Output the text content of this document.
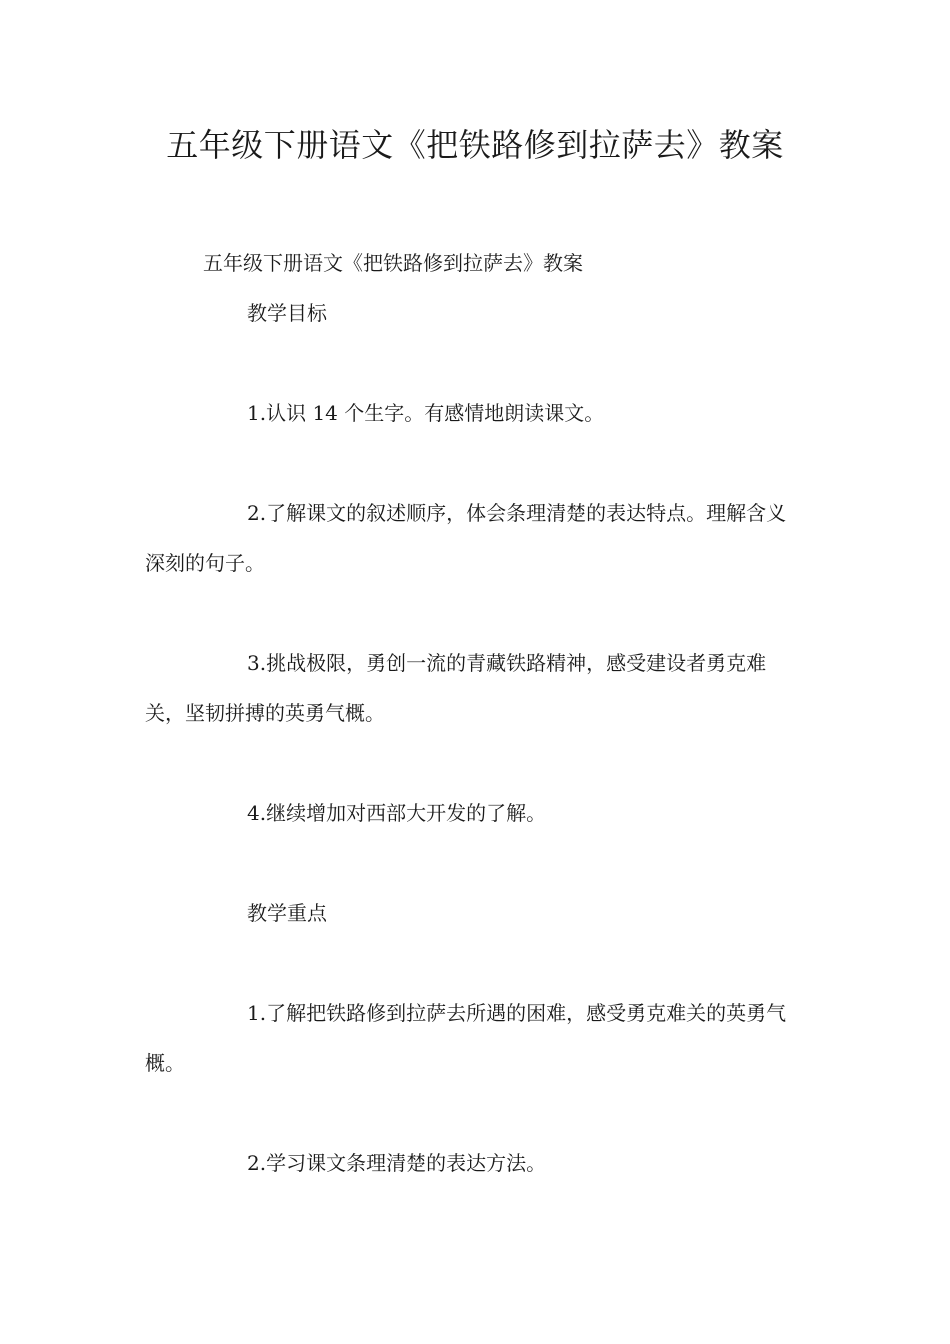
五年级下册语文《把铁路修到拉萨去》教案

五年级下册语文《把铁路修到拉萨去》教案

教学目标

1.认识 14 个生字。有感情地朗读课文。

2.了解课文的叙述顺序，体会条理清楚的表达特点。理解含义深刻的句子。

3.挑战极限，勇创一流的青藏铁路精神，感受建设者勇克难关，坚韧拼搏的英勇气概。

4.继续增加对西部大开发的了解。

教学重点

1.了解把铁路修到拉萨去所遇的困难，感受勇克难关的英勇气概。

2.学习课文条理清楚的表达方法。
